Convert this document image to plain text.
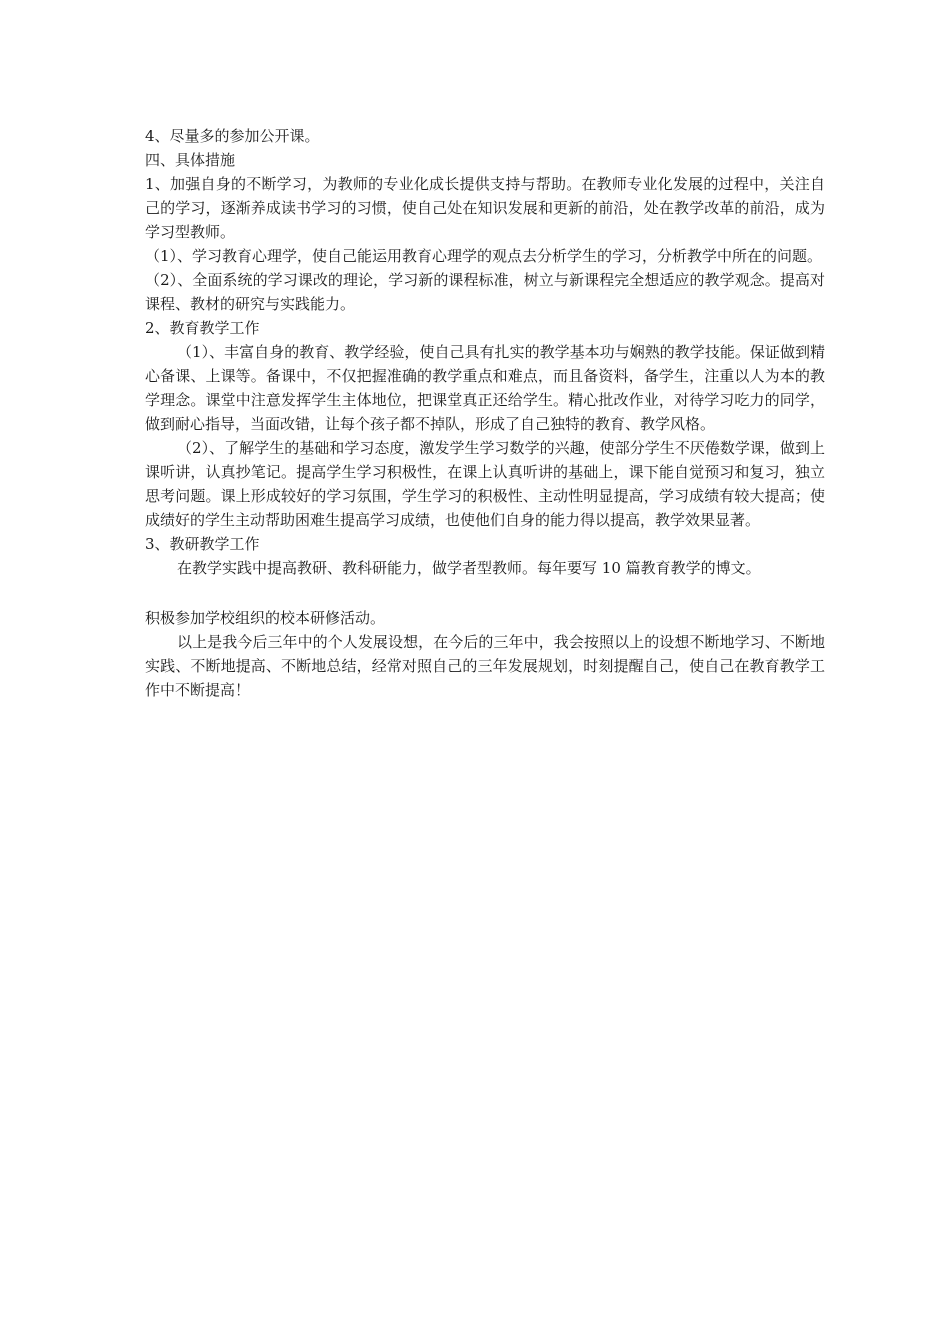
4、尽量多的参加公开课。

四、具体措施

1、加强自身的不断学习，为教师的专业化成长提供支持与帮助。在教师专业化发展的过程中，关注自己的学习，逐渐养成读书学习的习惯，使自己处在知识发展和更新的前沿，处在教学改革的前沿，成为学习型教师。

（1）、学习教育心理学，使自己能运用教育心理学的观点去分析学生的学习，分析教学中所在的问题。

（2）、全面系统的学习课改的理论，学习新的课程标准，树立与新课程完全想适应的教学观念。提高对课程、教材的研究与实践能力。

2、教育教学工作

（1）、丰富自身的教育、教学经验，使自己具有扎实的教学基本功与娴熟的教学技能。保证做到精心备课、上课等。备课中，不仅把握准确的教学重点和难点，而且备资料，备学生，注重以人为本的教学理念。课堂中注意发挥学生主体地位，把课堂真正还给学生。精心批改作业，对待学习吃力的同学，做到耐心指导，当面改错，让每个孩子都不掉队，形成了自己独特的教育、教学风格。

（2）、了解学生的基础和学习态度，激发学生学习数学的兴趣，使部分学生不厌倦数学课，做到上课听讲，认真抄笔记。提高学生学习积极性，在课上认真听讲的基础上，课下能自觉预习和复习，独立思考问题。课上形成较好的学习氛围，学生学习的积极性、主动性明显提高，学习成绩有较大提高；使成绩好的学生主动帮助困难生提高学习成绩，也使他们自身的能力得以提高，教学效果显著。

3、教研教学工作

在教学实践中提高教研、教科研能力，做学者型教师。每年要写 10 篇教育教学的博文。

积极参加学校组织的校本研修活动。

以上是我今后三年中的个人发展设想，在今后的三年中，我会按照以上的设想不断地学习、不断地实践、不断地提高、不断地总结，经常对照自己的三年发展规划，时刻提醒自己，使自己在教育教学工作中不断提高！
